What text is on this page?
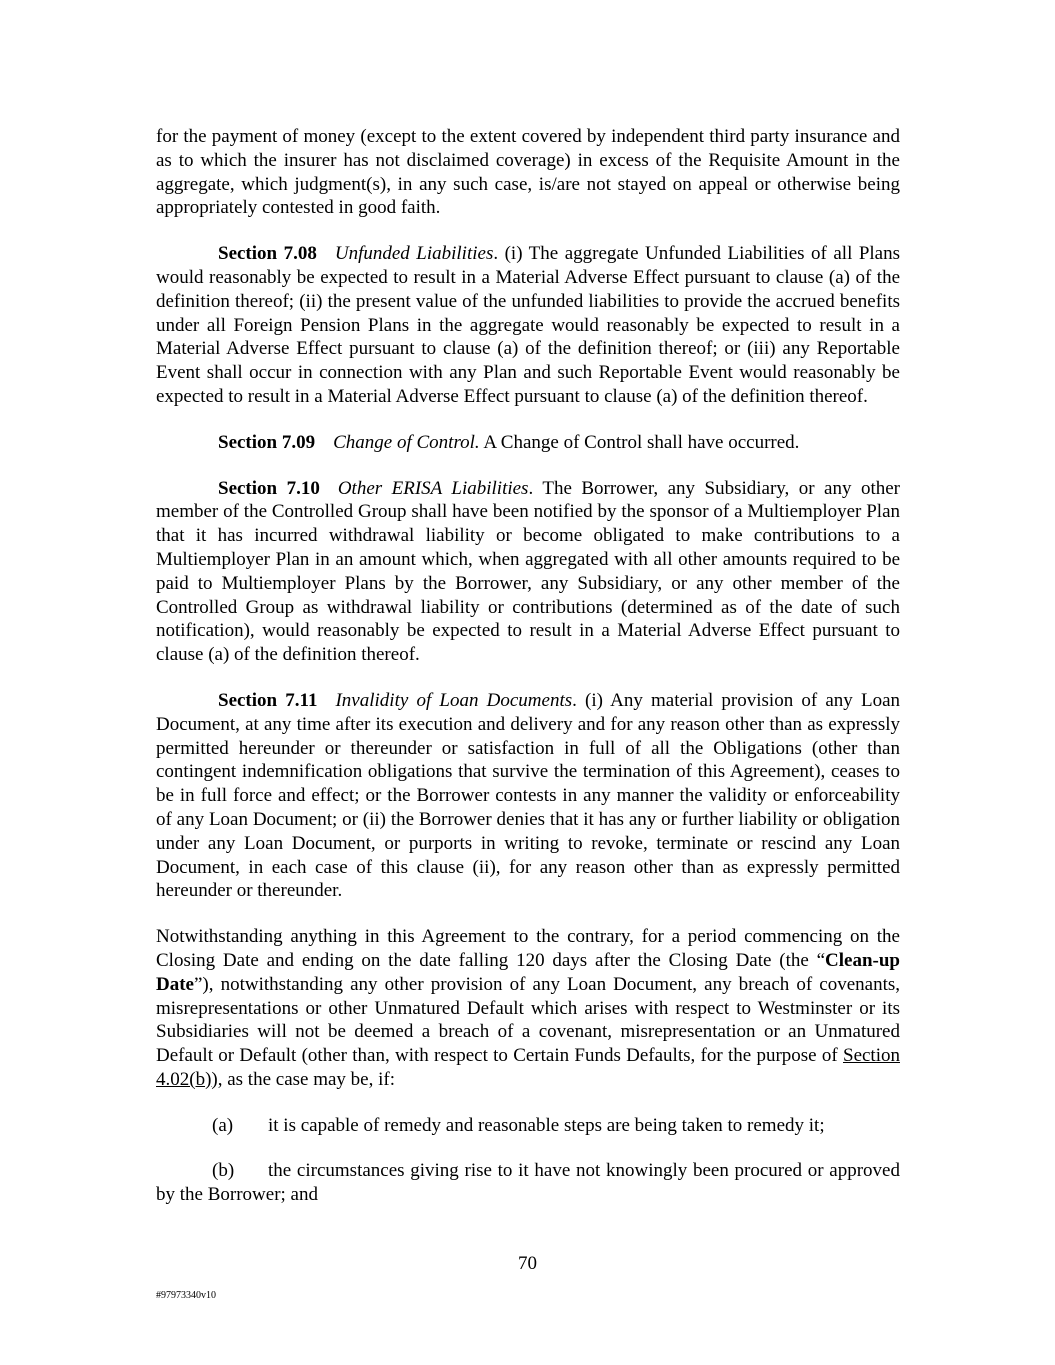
for the payment of money (except to the extent covered by independent third party insurance and as to which the insurer has not disclaimed coverage) in excess of the Requisite Amount in the aggregate, which judgment(s), in any such case, is/are not stayed on appeal or otherwise being appropriately contested in good faith.

Section 7.08 Unfunded Liabilities. (i) The aggregate Unfunded Liabilities of all Plans would reasonably be expected to result in a Material Adverse Effect pursuant to clause (a) of the definition thereof; (ii) the present value of the unfunded liabilities to provide the accrued benefits under all Foreign Pension Plans in the aggregate would reasonably be expected to result in a Material Adverse Effect pursuant to clause (a) of the definition thereof; or (iii) any Reportable Event shall occur in connection with any Plan and such Reportable Event would reasonably be expected to result in a Material Adverse Effect pursuant to clause (a) of the definition thereof.

Section 7.09 Change of Control. A Change of Control shall have occurred.

Section 7.10 Other ERISA Liabilities. The Borrower, any Subsidiary, or any other member of the Controlled Group shall have been notified by the sponsor of a Multiemployer Plan that it has incurred withdrawal liability or become obligated to make contributions to a Multiemployer Plan in an amount which, when aggregated with all other amounts required to be paid to Multiemployer Plans by the Borrower, any Subsidiary, or any other member of the Controlled Group as withdrawal liability or contributions (determined as of the date of such notification), would reasonably be expected to result in a Material Adverse Effect pursuant to clause (a) of the definition thereof.

Section 7.11 Invalidity of Loan Documents. (i) Any material provision of any Loan Document, at any time after its execution and delivery and for any reason other than as expressly permitted hereunder or thereunder or satisfaction in full of all the Obligations (other than contingent indemnification obligations that survive the termination of this Agreement), ceases to be in full force and effect; or the Borrower contests in any manner the validity or enforceability of any Loan Document; or (ii) the Borrower denies that it has any or further liability or obligation under any Loan Document, or purports in writing to revoke, terminate or rescind any Loan Document, in each case of this clause (ii), for any reason other than as expressly permitted hereunder or thereunder.

Notwithstanding anything in this Agreement to the contrary, for a period commencing on the Closing Date and ending on the date falling 120 days after the Closing Date (the “Clean-up Date”), notwithstanding any other provision of any Loan Document, any breach of covenants, misrepresentations or other Unmatured Default which arises with respect to Westminster or its Subsidiaries will not be deemed a breach of a covenant, misrepresentation or an Unmatured Default or Default (other than, with respect to Certain Funds Defaults, for the purpose of Section 4.02(b)), as the case may be, if:

(a) it is capable of remedy and reasonable steps are being taken to remedy it;

(b) the circumstances giving rise to it have not knowingly been procured or approved by the Borrower; and

70
#97973340v10
